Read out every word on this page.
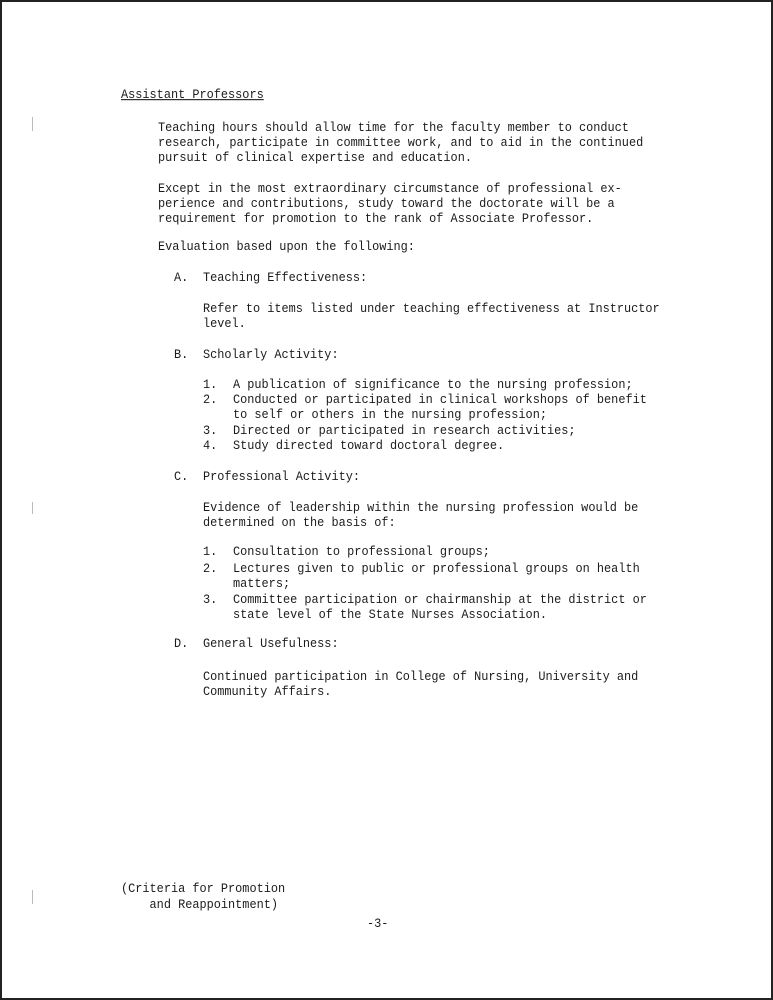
Assistant Professors
Teaching hours should allow time for the faculty member to conduct
research, participate in committee work, and to aid in the continued
pursuit of clinical expertise and education.
Except in the most extraordinary circumstance of professional ex-
perience and contributions, study toward the doctorate will be a
requirement for promotion to the rank of Associate Professor.
Evaluation based upon the following:
A. Teaching Effectiveness:
Refer to items listed under teaching effectiveness at Instructor
level.
B. Scholarly Activity:
1. A publication of significance to the nursing profession;
2. Conducted or participated in clinical workshops of benefit
to self or others in the nursing profession;
3. Directed or participated in research activities;
4. Study directed toward doctoral degree.
C. Professional Activity:
Evidence of leadership within the nursing profession would be
determined on the basis of:
1. Consultation to professional groups;
2. Lectures given to public or professional groups on health
matters;
3. Committee participation or chairmanship at the district or
state level of the State Nurses Association.
D. General Usefulness:
Continued participation in College of Nursing, University and
Community Affairs.
(Criteria for Promotion
and Reappointment)
-3-
